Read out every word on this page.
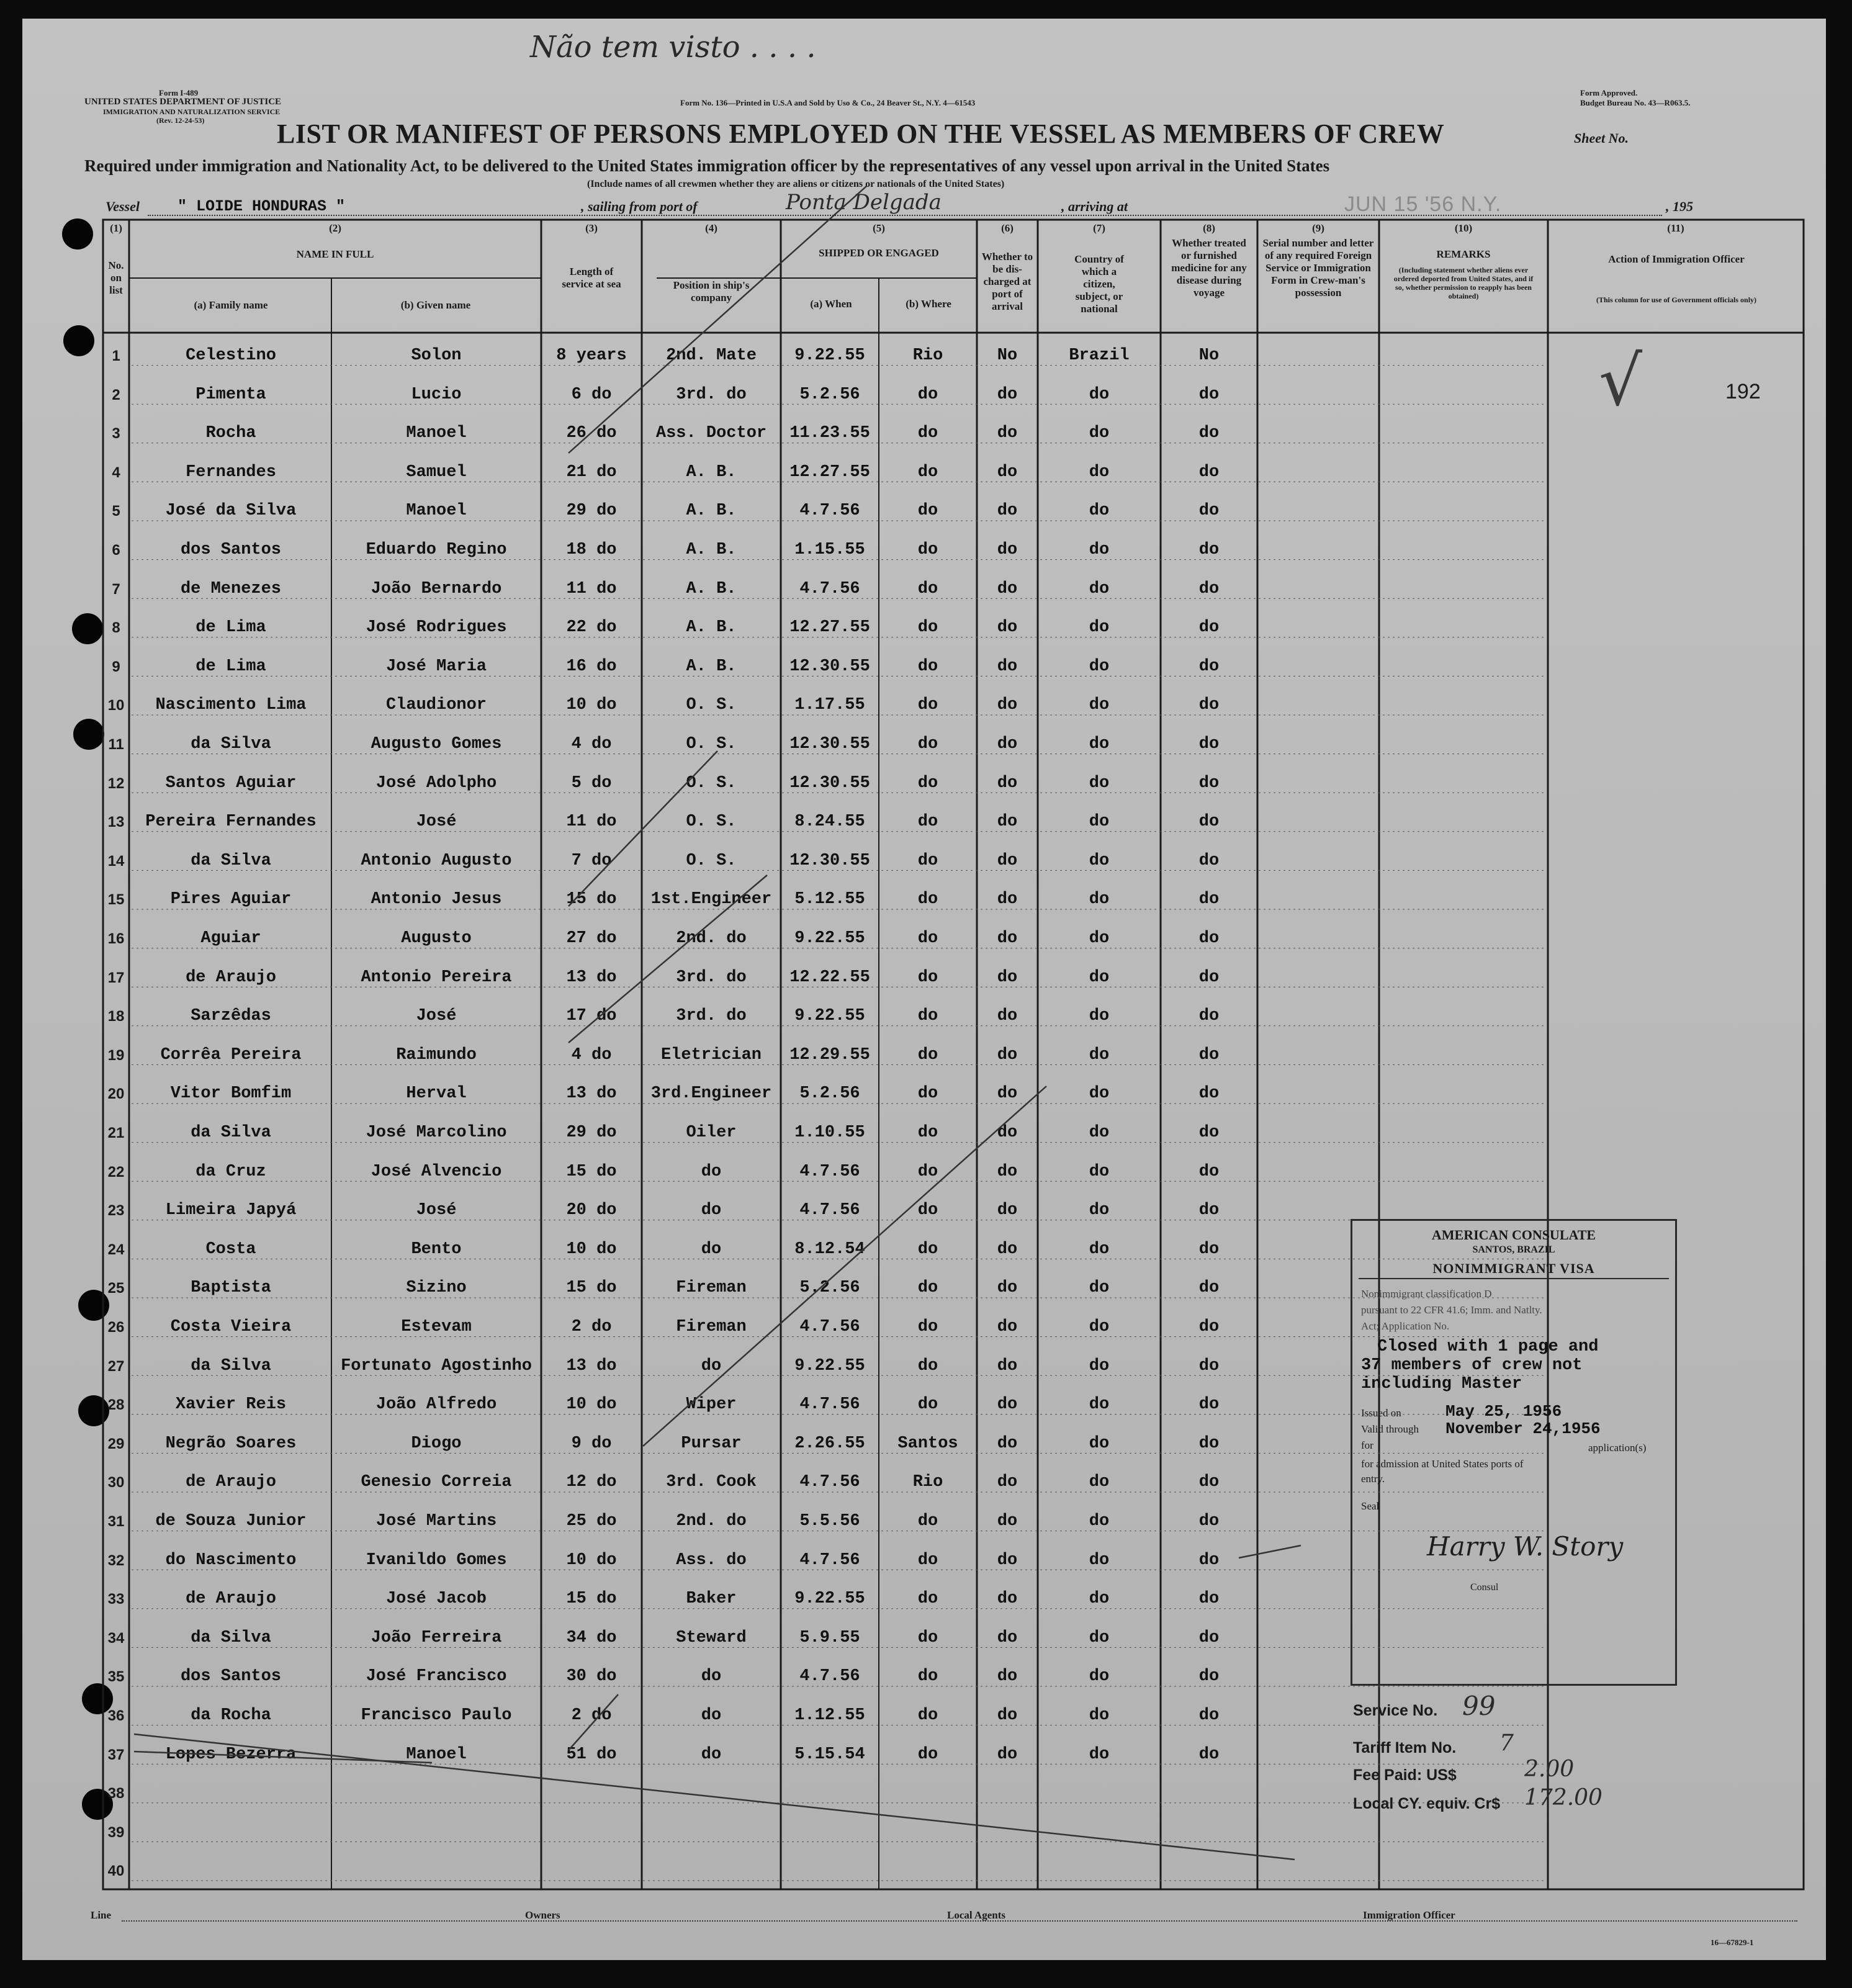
Não tem visto . . . .
192
Form I-489
UNITED STATES DEPARTMENT OF JUSTICE
IMMIGRATION AND NATURALIZATION SERVICE
(Rev. 12-24-53)
Form No. 136—Printed in U.S.A and Sold by Uso & Co., 24 Beaver St., N.Y. 4—61543
Form Approved.
Budget Bureau No. 43—R063.5.
LIST OR MANIFEST OF PERSONS EMPLOYED ON THE VESSEL AS MEMBERS OF CREW	Sheet No.
Required under immigration and Nationality Act, to be delivered to the United States immigration officer by the representatives of any vessel upon arrival in the United States
(Include names of all crewmen whether they are aliens or citizens or nationals of the United States)
Vessel " LOIDE HONDURAS "	, sailing from port of	Ponta Delgada	, arriving at	JUN 15 '56 N.Y.	, 195
(1)
No. on list
(2)
NAME IN FULL
(a) Family name	(b) Given name
(3)
Length of service at sea
(4)
Position in ship's company
(5)
SHIPPED OR ENGAGED
(a) When	(b) Where
(6)
Whether to be dis-charged at port of arrival
(7)
Country of which a citizen, subject, or national
(8)
Whether treated or furnished medicine for any disease during voyage
(9)
Serial number and letter of any required Foreign Service or Immigration Form in Crew-man's possession
(10)
REMARKS
(Including statement whether aliens ever ordered deported from United States, and if so, whether permission to reapply has been obtained)
(11)
Action of Immigration Officer
(This column for use of Government officials only)
1	Celestino	Solon	8 years	2nd. Mate	9.22.55	Rio	No	Brazil	No
2	Pimenta	Lucio	6 do	3rd. do	5.2.56	do	do	do	do
3	Rocha	Manoel	26 do	Ass. Doctor	11.23.55	do	do	do	do
4	Fernandes	Samuel	21 do	A. B.	12.27.55	do	do	do	do
5	José da Silva	Manoel	29 do	A. B.	4.7.56	do	do	do	do
6	dos Santos	Eduardo Regino	18 do	A. B.	1.15.55	do	do	do	do
7	de Menezes	João Bernardo	11 do	A. B.	4.7.56	do	do	do	do
8	de Lima	José Rodrigues	22 do	A. B.	12.27.55	do	do	do	do
9	de Lima	José Maria	16 do	A. B.	12.30.55	do	do	do	do
10	Nascimento Lima	Claudionor	10 do	O. S.	1.17.55	do	do	do	do
11	da Silva	Augusto Gomes	4 do	O. S.	12.30.55	do	do	do	do
12	Santos Aguiar	José Adolpho	5 do	O. S.	12.30.55	do	do	do	do
13	Pereira Fernandes	José	11 do	O. S.	8.24.55	do	do	do	do
14	da Silva	Antonio Augusto	7 do	O. S.	12.30.55	do	do	do	do
15	Pires Aguiar	Antonio Jesus	15 do	1st.Engineer	5.12.55	do	do	do	do
16	Aguiar	Augusto	27 do	2nd. do	9.22.55	do	do	do	do
17	de Araujo	Antonio Pereira	13 do	3rd. do	12.22.55	do	do	do	do
18	Sarzêdas	José	17 do	3rd. do	9.22.55	do	do	do	do
19	Corrêa Pereira	Raimundo	4 do	Eletrician	12.29.55	do	do	do	do
20	Vitor Bomfim	Herval	13 do	3rd.Engineer	5.2.56	do	do	do	do
21	da Silva	José Marcolino	29 do	Oiler	1.10.55	do	do	do	do
22	da Cruz	José Alvencio	15 do	do	4.7.56	do	do	do	do
23	Limeira Japyá	José	20 do	do	4.7.56	do	do	do	do
24	Costa	Bento	10 do	do	8.12.54	do	do	do	do
25	Baptista	Sizino	15 do	Fireman	5.2.56	do	do	do	do
26	Costa Vieira	Estevam	2 do	Fireman	4.7.56	do	do	do	do
27	da Silva	Fortunato Agostinho	13 do	do	9.22.55	do	do	do	do
28	Xavier Reis	João Alfredo	10 do	Wiper	4.7.56	do	do	do	do
29	Negrão Soares	Diogo	9 do	Pursar	2.26.55	Santos	do	do	do
30	de Araujo	Genesio Correia	12 do	3rd. Cook	4.7.56	Rio	do	do	do
31	de Souza Junior	José Martins	25 do	2nd. do	5.5.56	do	do	do	do
32	do Nascimento	Ivanildo Gomes	10 do	Ass. do	4.7.56	do	do	do	do
33	de Araujo	José Jacob	15 do	Baker	9.22.55	do	do	do	do
34	da Silva	João Ferreira	34 do	Steward	5.9.55	do	do	do	do
35	dos Santos	José Francisco	30 do	do	4.7.56	do	do	do	do
36	da Rocha	Francisco Paulo	2 do	do	1.12.55	do	do	do	do
37	Lopes Bezerra	Manoel	51 do	do	5.15.54	do	do	do	do
38
39
40
√
AMERICAN CONSULATE
SANTOS, BRAZIL
NONIMMIGRANT VISA
Nonimmigrant classification D
pursuant to 22 CFR 41.6; Imm. and Natlty.
Act; Application No.
Closed with 1 page and
37 members of crew not
including Master
Issued on	May 25, 1956
Valid through November 24,1956
for	application(s)
for admission at United States ports of
entry.
Seal
Harry W. Story
Consul
Service No. 99
Tariff Item No. 7
Fee Paid: US$	2.00
Local CY. equiv. Cr$ 172.00
Line	Owners	Local Agents	Immigration Officer
16—67829-1
